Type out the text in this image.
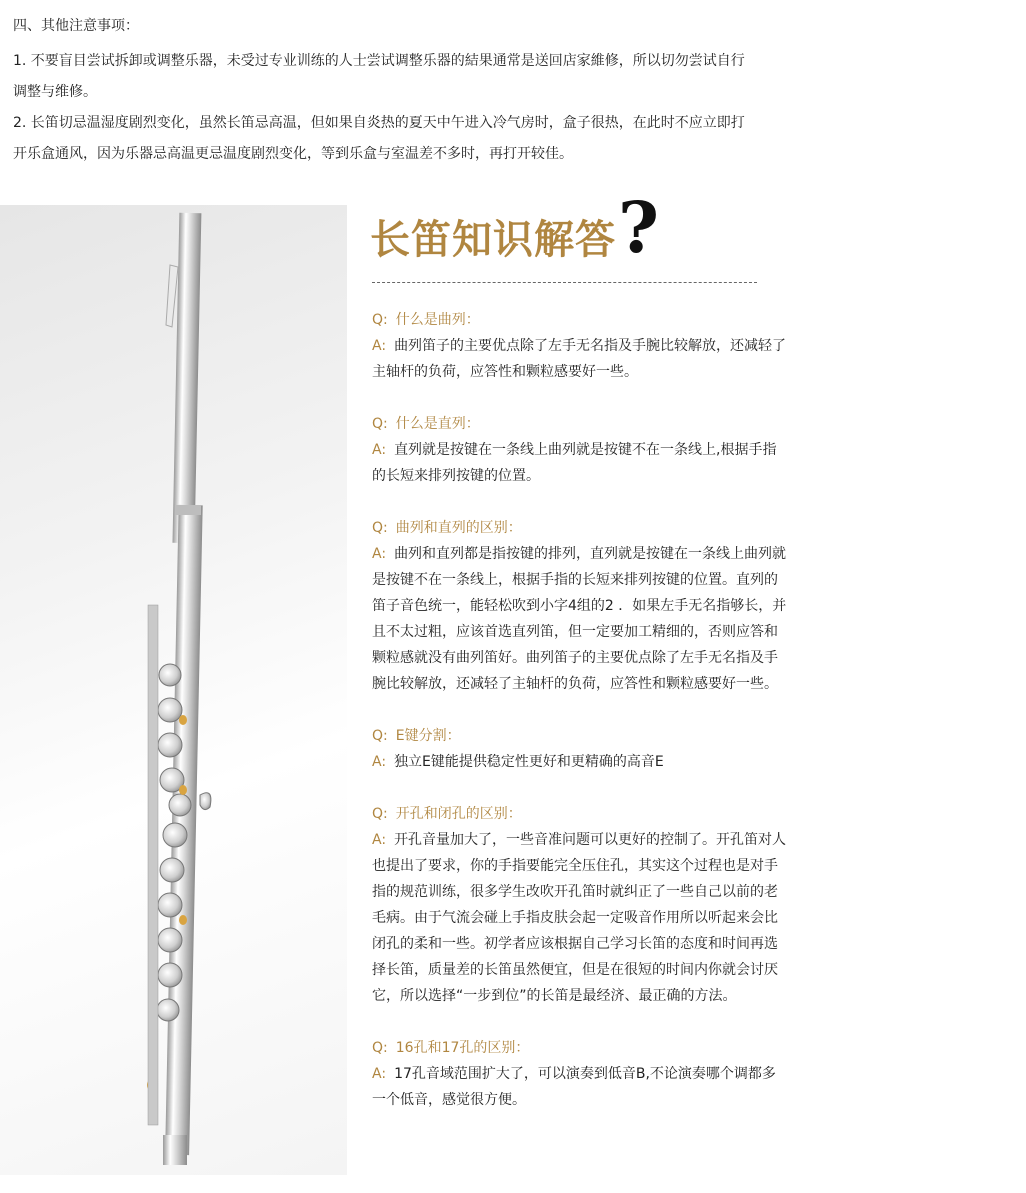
四、其他注意事项：

1. 不要盲目尝试拆卸或调整乐器，未受过专业训练的人士尝试调整乐器的結果通常是送回店家維修，所以切勿尝试自行调整与维修。

2. 长笛切忌温湿度剧烈变化，虽然长笛忌高温，但如果自炎热的夏天中午进入冷气房时，盒子很热，在此时不应立即打开乐盒通风，因为乐器忌高温更忌温度剧烈变化，等到乐盒与室温差不多时，再打开较佳。

长笛知识解答 ?
Q: 什么是曲列：
A: 曲列笛子的主要优点除了左手无名指及手腕比较解放，还减轻了主轴杆的负荷，应答性和颗粒感要好一些。
Q: 什么是直列：
A: 直列就是按键在一条线上曲列就是按键不在一条线上,根据手指的长短来排列按键的位置。
Q: 曲列和直列的区别：
A: 曲列和直列都是指按键的排列，直列就是按键在一条线上曲列就是按键不在一条线上，根据手指的长短来排列按键的位置。直列的笛子音色统一，能轻松吹到小字4组的2 ．如果左手无名指够长，并且不太过粗，应该首选直列笛，但一定要加工精细的，否则应答和颗粒感就没有曲列笛好。曲列笛子的主要优点除了左手无名指及手腕比较解放，还减轻了主轴杆的负荷，应答性和颗粒感要好一些。
Q: E键分割：
A: 独立E键能提供稳定性更好和更精确的高音E
Q: 开孔和闭孔的区别：
A: 开孔音量加大了，一些音准问题可以更好的控制了。开孔笛对人也提出了要求，你的手指要能完全压住孔，其实这个过程也是对手指的规范训练，很多学生改吹开孔笛时就纠正了一些自己以前的老毛病。由于气流会碰上手指皮肤会起一定吸音作用所以听起来会比闭孔的柔和一些。初学者应该根据自己学习长笛的态度和时间再选择长笛，质量差的长笛虽然便宜，但是在很短的时间内你就会讨厌它，所以选择“一步到位”的长笛是最经济、最正确的方法。
Q: 16孔和17孔的区别：
A: 17孔音域范围扩大了，可以演奏到低音B,不论演奏哪个调都多一个低音，感觉很方便。
